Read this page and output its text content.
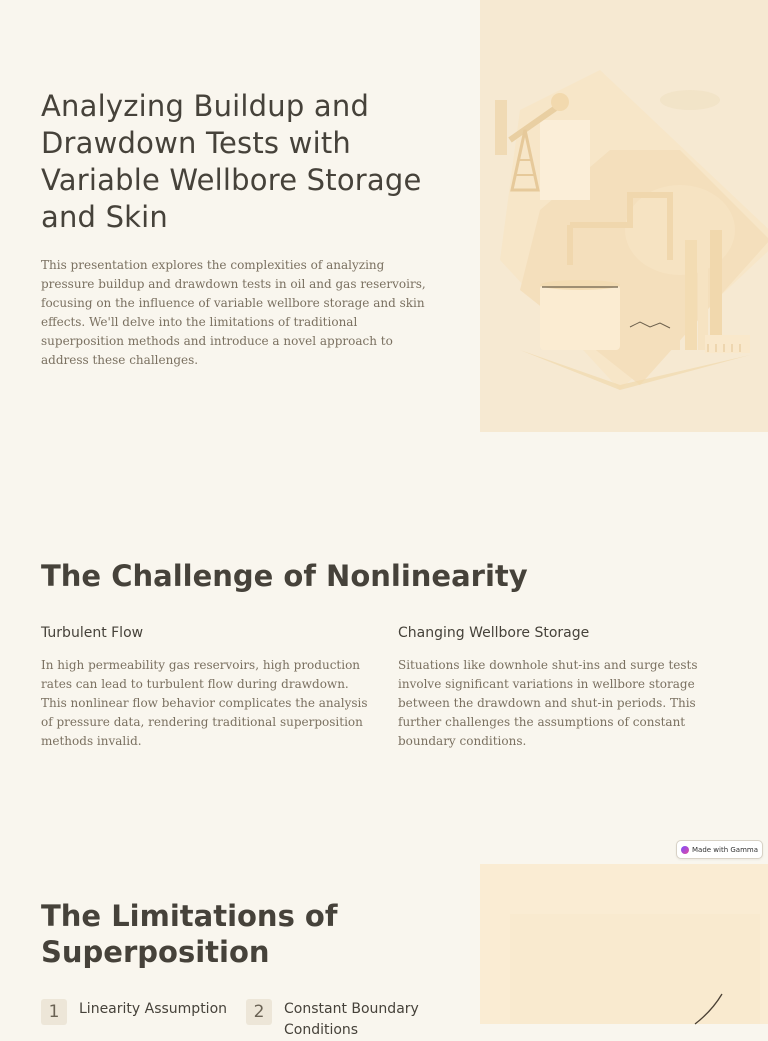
Analyzing Buildup and Drawdown Tests with Variable Wellbore Storage and Skin

This presentation explores the complexities of analyzing pressure buildup and drawdown tests in oil and gas reservoirs, focusing on the influence of variable wellbore storage and skin effects. We'll delve into the limitations of traditional superposition methods and introduce a novel approach to address these challenges.

The Challenge of Nonlinearity
Turbulent Flow

In high permeability gas reservoirs, high production rates can lead to turbulent flow during drawdown. This nonlinear flow behavior complicates the analysis of pressure data, rendering traditional superposition methods invalid.

Changing Wellbore Storage

Situations like downhole shut-ins and surge tests involve significant variations in wellbore storage between the drawdown and shut-in periods. This further challenges the assumptions of constant boundary conditions.

Made with Gamma
The Limitations of Superposition
1	Linearity Assumption	2	Constant Boundary Conditions
